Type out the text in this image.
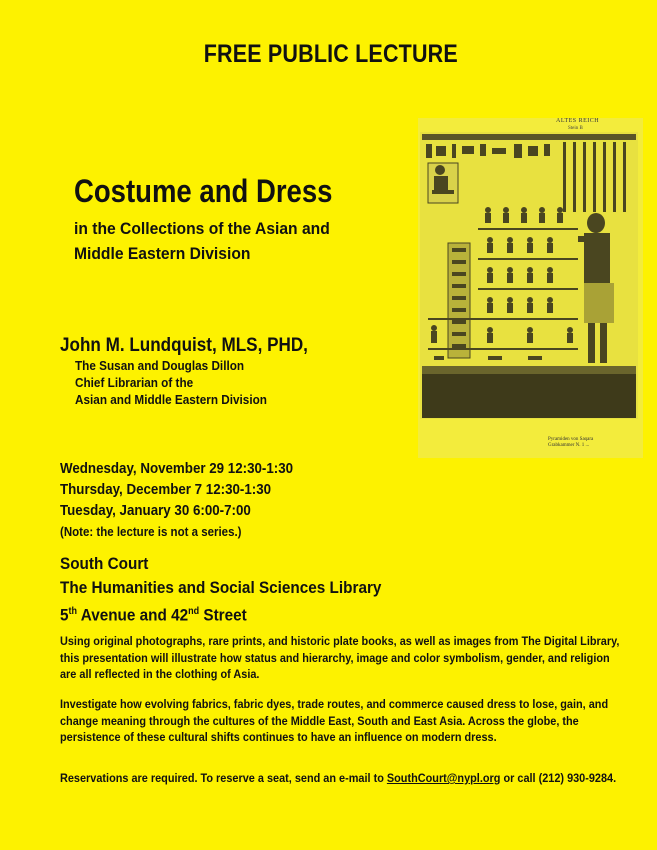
FREE PUBLIC LECTURE
Costume and Dress
in the Collections of the Asian and
Middle Eastern Division
John M. Lundquist, MLS, PHD,
The Susan and Douglas Dillon
Chief Librarian of the
Asian and Middle Eastern Division
Wednesday, November 29 12:30-1:30
Thursday, December 7 12:30-1:30
Tuesday, January 30 6:00-7:00
(Note: the lecture is not a series.)
South Court
The Humanities and Social Sciences Library
5th Avenue and 42nd Street
Using original photographs, rare prints, and historic plate books, as well as images from The Digital Library, this presentation will illustrate how status and hierarchy, image and color symbolism, gender, and religion are all reflected in the clothing of Asia.
Investigate how evolving fabrics, fabric dyes, trade routes, and commerce caused dress to lose, gain, and change meaning through the cultures of the Middle East, South and East Asia. Across the globe, the persistence of these cultural shifts continues to have an influence on modern dress.
Reservations are required. To reserve a seat, send an e-mail to SouthCourt@nypl.org or call (212) 930-9284.
ALTES REICH
Stein B
Pyramiden von Saqara
Grabkammer N. 1 ...
